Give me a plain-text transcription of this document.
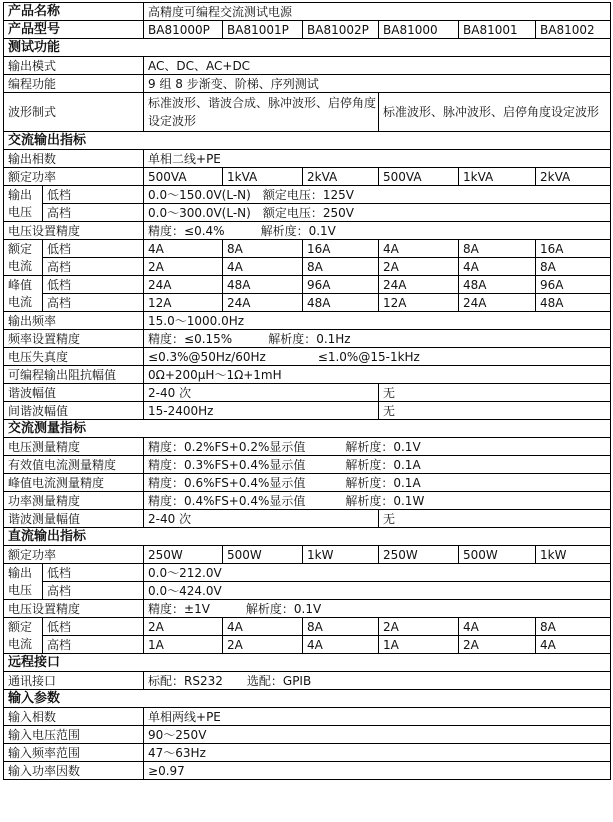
产品名称		高精度可编程交流测试电源					
产品型号		BA81000P	BA81001P	BA81002P	BA81000	BA81001	BA81002
测试功能							
输出模式		AC、DC、AC+DC					
编程功能		9 组 8 步渐变、阶梯、序列测试					
波形制式		标准波形、谐波合成、脉冲波形、启停角度设定波形			标准波形、脉冲波形、启停角度设定波形		
交流输出指标							
输出相数		单相二线+PE					
额定功率		500VA	1kVA	2kVA	500VA	1kVA	2kVA
输出	低档	0.0～150.0V(L-N) 额定电压：125V					
电压	高档	0.0～300.0V(L-N) 额定电压：250V					
电压设置精度		精度：≤0.4% 解析度：0.1V					
额定	低档	4A	8A	16A	4A	8A	16A
电流	高档	2A	4A	8A	2A	4A	8A
峰值	低档	24A	48A	96A	24A	48A	96A
电流	高档	12A	24A	48A	12A	24A	48A
输出频率		15.0～1000.0Hz					
频率设置精度		精度：≤0.15% 解析度：0.1Hz					
电压失真度		≤0.3%@50Hz/60Hz ≤1.0%@15-1kHz					
可编程输出阻抗幅值		0Ω+200μH～1Ω+1mH					
谐波幅值		2-40 次			无		
间谐波幅值		15-2400Hz			无		
交流测量指标							
电压测量精度		精度：0.2%FS+0.2%显示值 解析度：0.1V					
有效值电流测量精度		精度：0.3%FS+0.4%显示值 解析度：0.1A					
峰值电流测量精度		精度：0.6%FS+0.4%显示值 解析度：0.1A					
功率测量精度		精度：0.4%FS+0.4%显示值 解析度：0.1W					
谐波测量幅值		2-40 次			无		
直流输出指标							
额定功率		250W	500W	1kW	250W	500W	1kW
输出	低档	0.0～212.0V					
电压	高档	0.0～424.0V					
电压设置精度		精度：±1V 解析度：0.1V					
额定	低档	2A	4A	8A	2A	4A	8A
电流	高档	1A	2A	4A	1A	2A	4A
远程接口							
通讯接口		标配：RS232 选配：GPIB					
输入参数							
输入相数		单相两线+PE					
输入电压范围		90～250V					
输入频率范围		47～63Hz					
输入功率因数		≥0.97					
